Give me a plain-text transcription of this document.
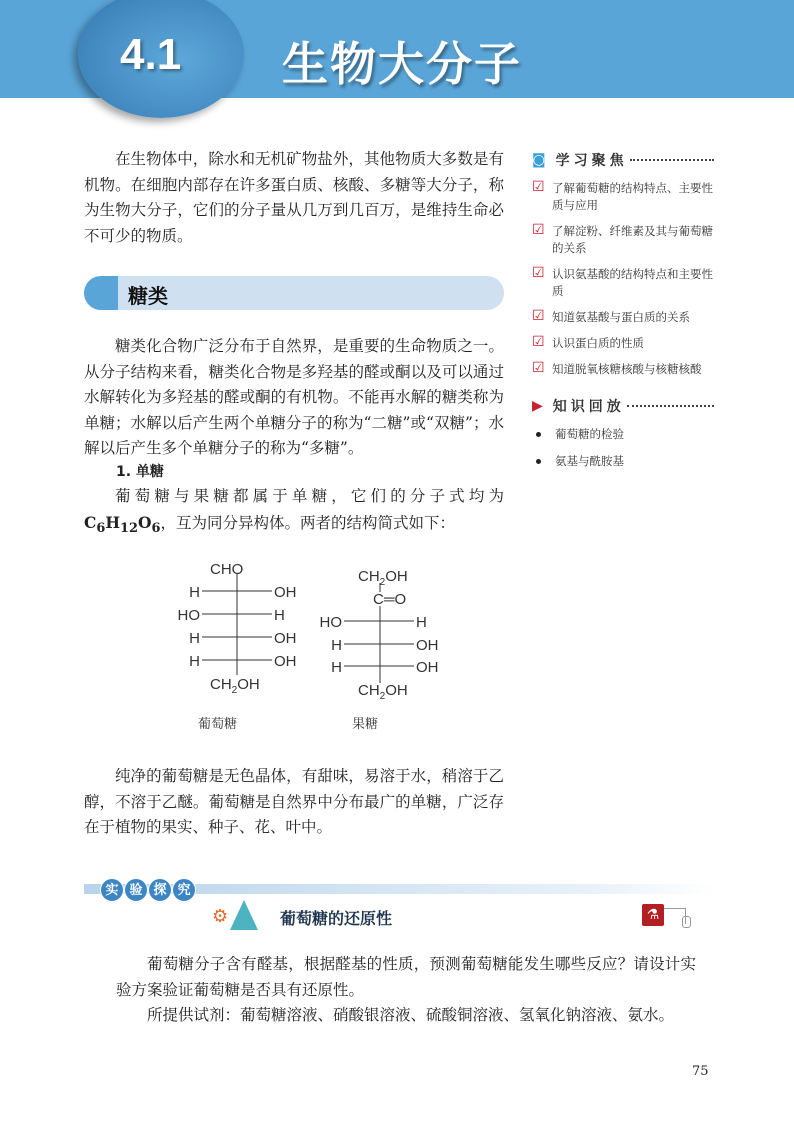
4.1 生物大分子
在生物体中，除水和无机矿物盐外，其他物质大多数是有机物。在细胞内部存在许多蛋白质、核酸、多糖等大分子，称为生物大分子，它们的分子量从几万到几百万，是维持生命必不可少的物质。
糖类
糖类化合物广泛分布于自然界，是重要的生命物质之一。从分子结构来看，糖类化合物是多羟基的醛或酮以及可以通过水解转化为多羟基的醛或酮的有机物。不能再水解的糖类称为单糖；水解以后产生两个单糖分子的称为“二糖”或“双糖”；水解以后产生多个单糖分子的称为“多糖”。
1. 单糖
葡萄糖与果糖都属于单糖，它们的分子式均为$C_6H_{12}O_6$，互为同分异构体。两者的结构简式如下：
CHO
H	OH
HO	H
H	OH
H	OH
$CH_2OH$
葡萄糖
$CH_2OH$
C═O
HO	H
H	OH
H	OH
$CH_2OH$
果糖
纯净的葡萄糖是无色晶体，有甜味，易溶于水，稍溶于乙醇，不溶于乙醚。葡萄糖是自然界中分布最广的单糖，广泛存在于植物的果实、种子、花、叶中。
◙ 学习聚焦
☑ 了解葡萄糖的结构特点、主要性质与应用
☑ 了解淀粉、纤维素及其与葡萄糖的关系
☑ 认识氨基酸的结构特点和主要性质
☑ 知道氨基酸与蛋白质的关系
☑ 认识蛋白质的性质
☑ 知道脱氧核糖核酸与核糖核酸
▶ 知识回放
葡萄糖的检验
氨基与酰胺基
实 验 探 究
⚙	葡萄糖的还原性	⚗
葡萄糖分子含有醛基，根据醛基的性质，预测葡萄糖能发生哪些反应？请设计实验方案验证葡萄糖是否具有还原性。
所提供试剂：葡萄糖溶液、硝酸银溶液、硫酸铜溶液、氢氧化钠溶液、氨水。
75
